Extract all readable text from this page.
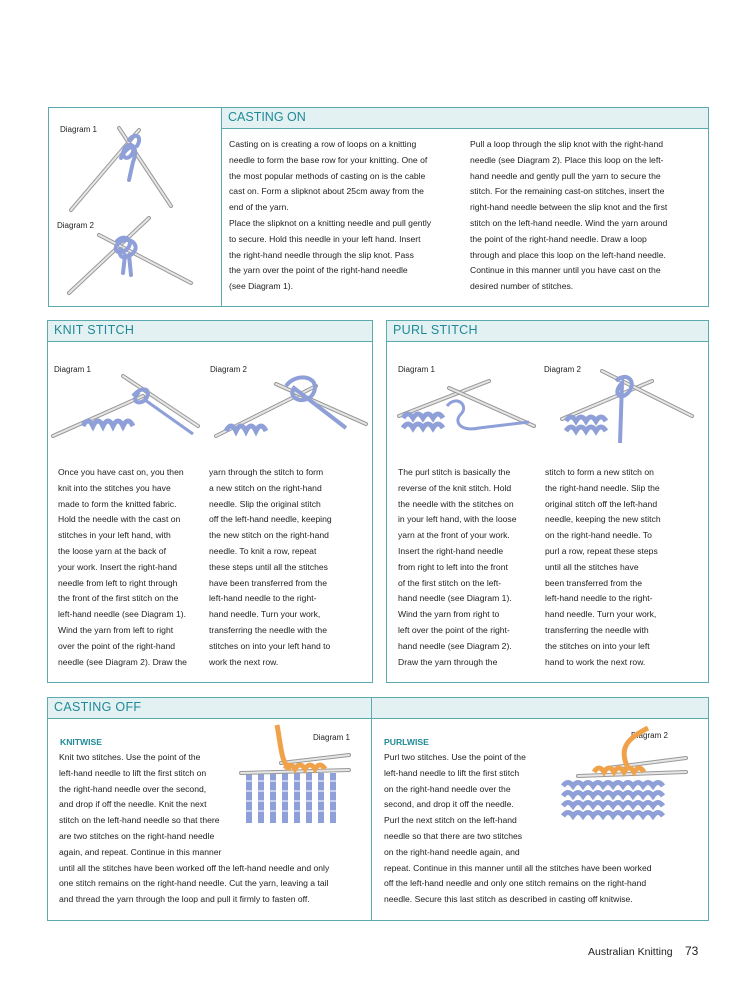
CASTING ON
Diagram 1
Diagram 2

Casting on is creating a row of loops on a knitting

needle to form the base row for your knitting. One of

the most popular methods of casting on is the cable

cast on. Form a slipknot about 25cm away from the

end of the yarn.

Place the slipknot on a knitting needle and pull gently

to secure. Hold this needle in your left hand. Insert

the right-hand needle through the slip knot. Pass

the yarn over the point of the right-hand needle

(see Diagram 1).

Pull a loop through the slip knot with the right-hand

needle (see Diagram 2). Place this loop on the left-

hand needle and gently pull the yarn to secure the

stitch. For the remaining cast-on stitches, insert the

right-hand needle between the slip knot and the first

stitch on the left-hand needle. Wind the yarn around

the point of the right-hand needle. Draw a loop

through and place this loop on the left-hand needle.

Continue in this manner until you have cast on the

desired number of stitches.

KNIT STITCH
Diagram 1	Diagram 2

Once you have cast on, you then

knit into the stitches you have

made to form the knitted fabric.

Hold the needle with the cast on

stitches in your left hand, with

the loose yarn at the back of

your work. Insert the right-hand

needle from left to right through

the front of the first stitch on the

left-hand needle (see Diagram 1).

Wind the yarn from left to right

over the point of the right-hand

needle (see Diagram 2). Draw the

yarn through the stitch to form

a new stitch on the right-hand

needle. Slip the original stitch

off the left-hand needle, keeping

the new stitch on the right-hand

needle. To knit a row, repeat

these steps until all the stitches

have been transferred from the

left-hand needle to the right-

hand needle. Turn your work,

transferring the needle with the

stitches on into your left hand to

work the next row.

PURL STITCH
Diagram 1	Diagram 2

The purl stitch is basically the

reverse of the knit stitch. Hold

the needle with the stitches on

in your left hand, with the loose

yarn at the front of your work.

Insert the right-hand needle

from right to left into the front

of the first stitch on the left-

hand needle (see Diagram 1).

Wind the yarn from right to

left over the point of the right-

hand needle (see Diagram 2).

Draw the yarn through the

stitch to form a new stitch on

the right-hand needle. Slip the

original stitch off the left-hand

needle, keeping the new stitch

on the right-hand needle. To

purl a row, repeat these steps

until all the stitches have

been transferred from the

left-hand needle to the right-

hand needle. Turn your work,

transferring the needle with

the stitches on into your left

hand to work the next row.

CASTING OFF
KNITWISE	Diagram 1	PURLWISE
Diagram 2

Knit two stitches. Use the point of the

left-hand needle to lift the first stitch on

the right-hand needle over the second,

and drop if off the needle. Knit the next

stitch on the left-hand needle so that there

are two stitches on the right-hand needle

again, and repeat. Continue in this manner

until all the stitches have been worked off the left-hand needle and only

one stitch remains on the right-hand needle. Cut the yarn, leaving a tail

and thread the yarn through the loop and pull it firmly to fasten off.

Purl two stitches. Use the point of the

left-hand needle to lift the first stitch

on the right-hand needle over the

second, and drop it off the needle.

Purl the next stitch on the left-hand

needle so that there are two stitches

on the right-hand needle again, and

repeat. Continue in this manner until all the stitches have been worked

off the left-hand needle and only one stitch remains on the right-hand

needle. Secure this last stitch as described in casting off knitwise.

Australian Knitting 73
